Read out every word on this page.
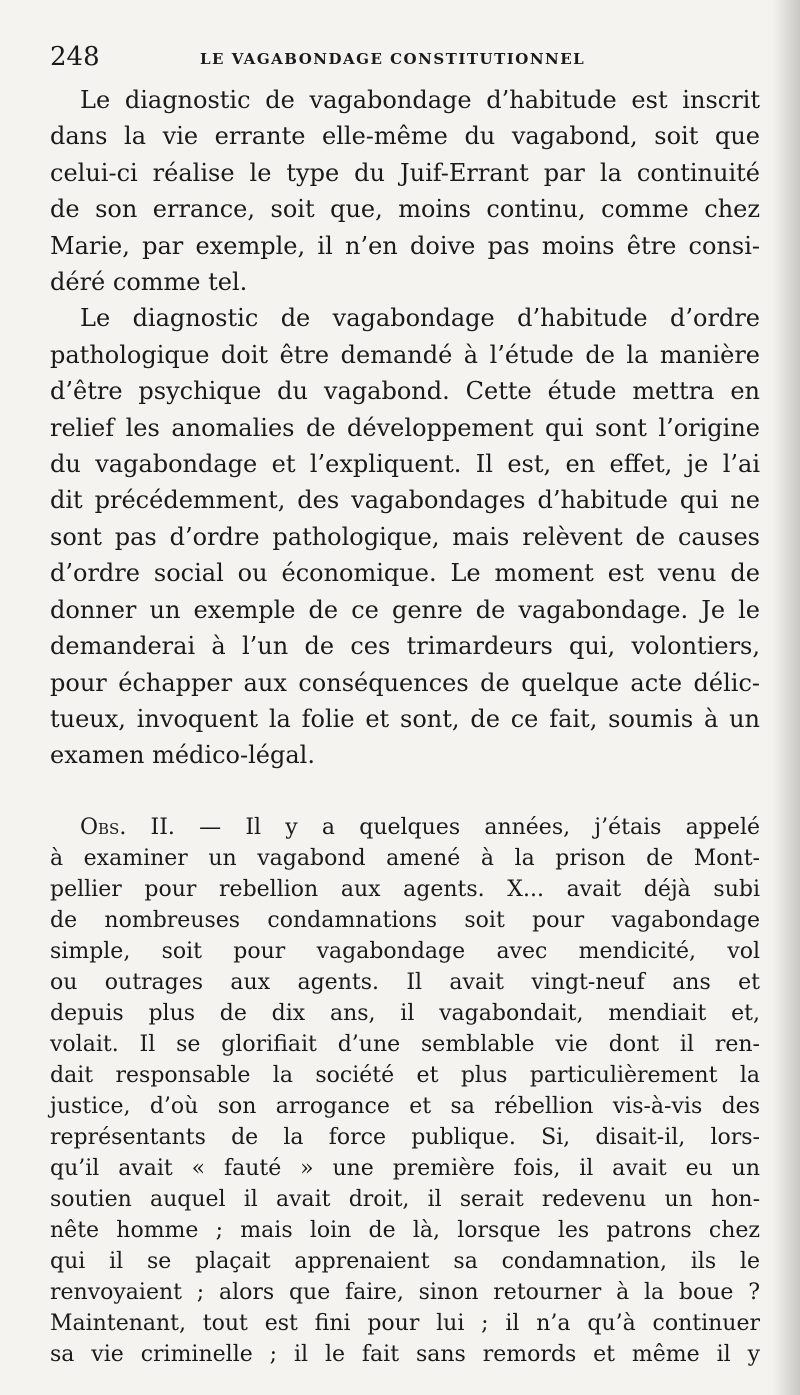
248	LE VAGABONDAGE CONSTITUTIONNEL

Le diagnostic de vagabondage d’habitude est inscrit

dans la vie errante elle-même du vagabond, soit que

celui-ci réalise le type du Juif-Errant par la continuité

de son errance, soit que, moins continu, comme chez

Marie, par exemple, il n’en doive pas moins être consi-

déré comme tel.

Le diagnostic de vagabondage d’habitude d’ordre

pathologique doit être demandé à l’étude de la manière

d’être psychique du vagabond. Cette étude mettra en

relief les anomalies de développement qui sont l’origine

du vagabondage et l’expliquent. Il est, en effet, je l’ai

dit précédemment, des vagabondages d’habitude qui ne

sont pas d’ordre pathologique, mais relèvent de causes

d’ordre social ou économique. Le moment est venu de

donner un exemple de ce genre de vagabondage. Je le

demanderai à l’un de ces trimardeurs qui, volontiers,

pour échapper aux conséquences de quelque acte délic-

tueux, invoquent la folie et sont, de ce fait, soumis à un

examen médico-légal.

Obs. II. — Il y a quelques années, j’étais appelé

à examiner un vagabond amené à la prison de Mont-

pellier pour rebellion aux agents. X... avait déjà subi

de nombreuses condamnations soit pour vagabondage

simple, soit pour vagabondage avec mendicité, vol

ou outrages aux agents. Il avait vingt-neuf ans et

depuis plus de dix ans, il vagabondait, mendiait et,

volait. Il se glorifiait d’une semblable vie dont il ren-

dait responsable la société et plus particulièrement la

justice, d’où son arrogance et sa rébellion vis-à-vis des

représentants de la force publique. Si, disait-il, lors-

qu’il avait « fauté » une première fois, il avait eu un

soutien auquel il avait droit, il serait redevenu un hon-

nête homme ; mais loin de là, lorsque les patrons chez

qui il se plaçait apprenaient sa condamnation, ils le

renvoyaient ; alors que faire, sinon retourner à la boue ?

Maintenant, tout est fini pour lui ; il n’a qu’à continuer

sa vie criminelle ; il le fait sans remords et même il y
